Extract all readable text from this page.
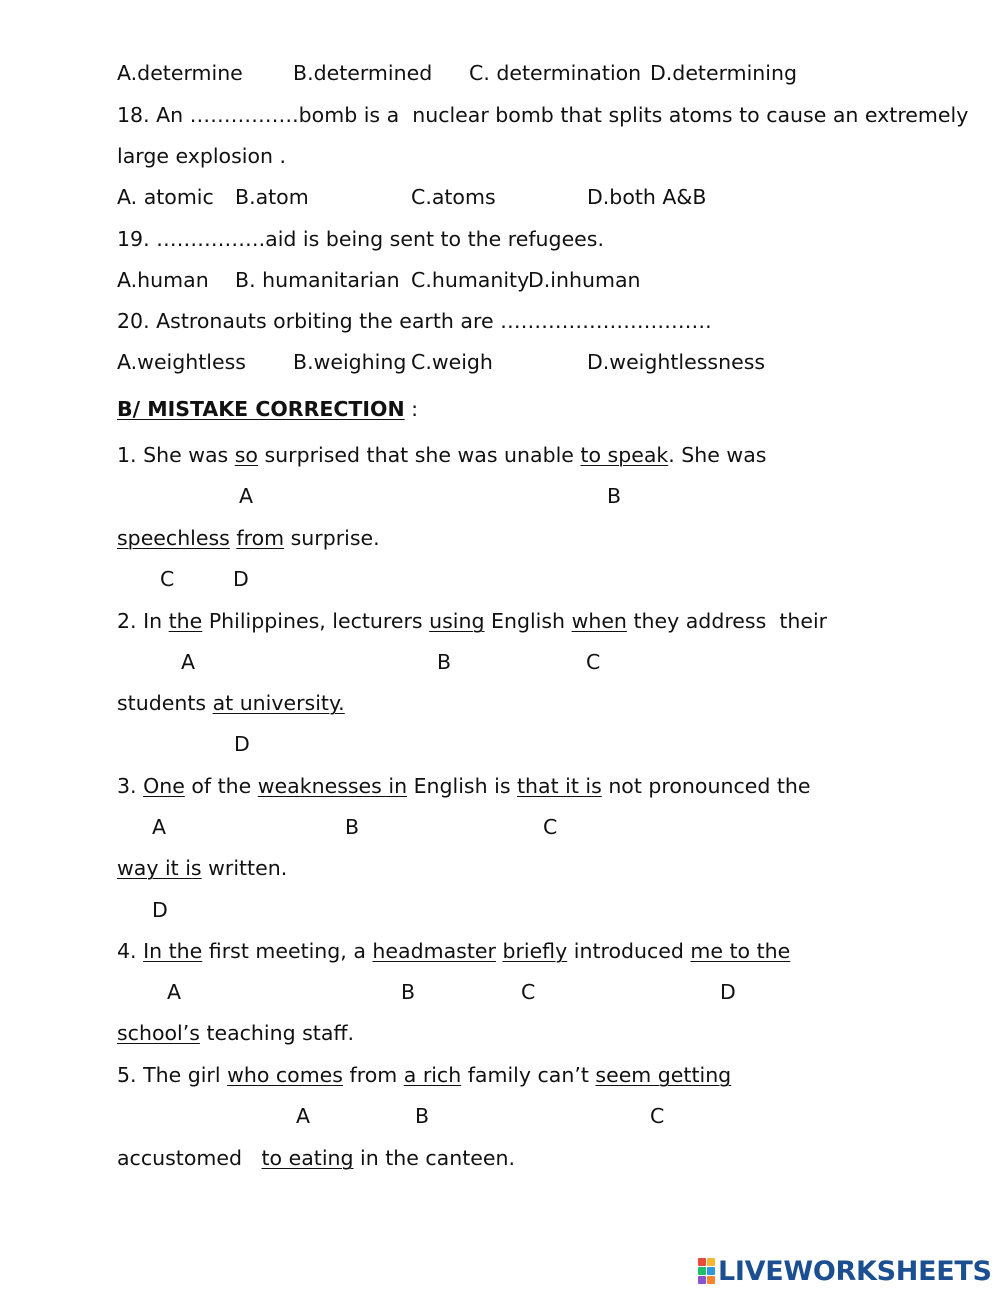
A.determine B.determined C. determination D.determining
18. An …………….bomb is a  nuclear bomb that splits atoms to cause an extremely
large explosion .
A. atomic B.atom	C.atoms	D.both A&B
19. …………….aid is being sent to the refugees.
A.human B. humanitarian C.humanity
D.inhuman
20. Astronauts orbiting the earth are ………………………….
A.weightless B.weighing C.weigh	D.weightlessness
B/ MISTAKE CORRECTION :
1. She was so surprised that she was unable to speak. She was
A	B
speechless from surprise.
C	D
2. In the Philippines, lecturers using English when they address  their
A	B	C
students at university.
D
3. One of the weaknesses in English is that it is not pronounced the
A	B	C
way it is written.
D
4. In the first meeting, a headmaster briefly introduced me to the
A	B	C	D
school’s teaching staff.
5. The girl who comes from a rich family can’t seem getting
A	B	C
accustomed   to eating in the canteen.
LIVEWORKSHEETS
